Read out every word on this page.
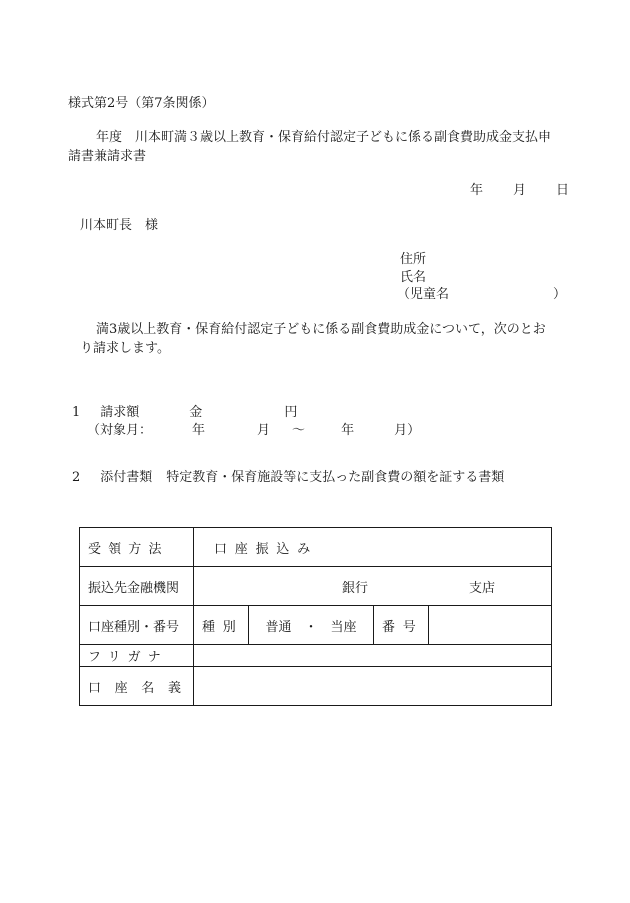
様式第2号（第7条関係）
年度　川本町満３歳以上教育・保育給付認定子どもに係る副食費助成金支払申
請書兼請求書
年 月 日
川本町長　様
住所
氏名
（児童名	）
満3歳以上教育・保育給付認定子どもに係る副食費助成金について，次のとお
り請求します。
1 請求額	金	円
（対象月：	年	月 ～	年	月）
2 添付書類 特定教育・保育施設等に支払った副食費の額を証する書類
受領方法	口座振込み
振込先金融機関	銀行 支店

口座種別・番号	種別 普通　・　当座 番号

フリガナ	
口座名義	
